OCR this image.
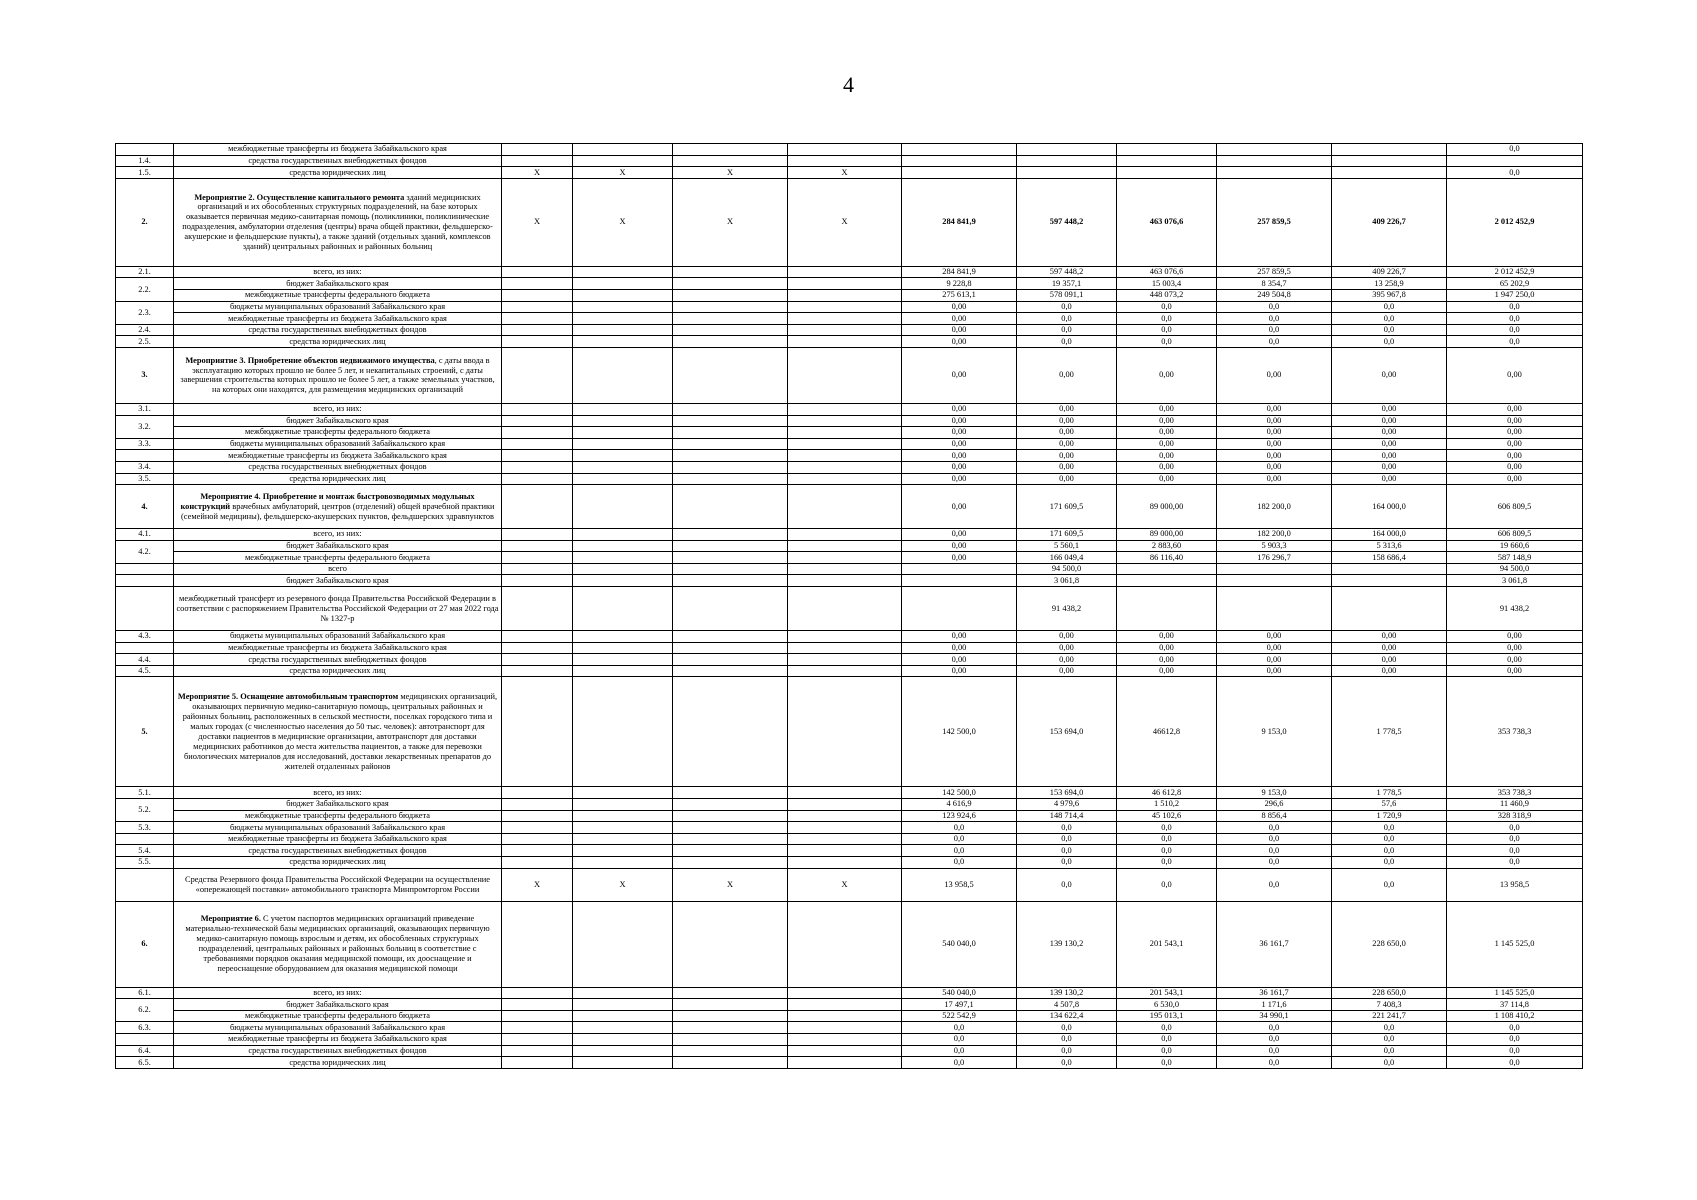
4
	межбюджетные трансферты из бюджета Забайкальского края										0,0
1.4.	средства государственных внебюджетных фондов										
1.5.	средства юридических лиц	Х	Х	Х	Х						0,0
2.	Мероприятие 2. Осуществление капитального ремонта зданий медицинских организаций и их обособленных структурных подразделений, на базе которых оказывается первичная медико-санитарная помощь (поликлиники, поликлинические подразделения, амбулатории отделения (центры) врача общей практики, фельдшерско-акушерские и фельдшерские пункты), а также зданий (отдельных зданий, комплексов зданий) центральных районных и районных больниц	Х	Х	Х	Х	284 841,9	597 448,2	463 076,6	257 859,5	409 226,7	2 012 452,9
2.1.	всего, из них:					284 841,9	597 448,2	463 076,6	257 859,5	409 226,7	2 012 452,9
2.2.	бюджет Забайкальского края					9 228,8	19 357,1	15 003,4	8 354,7	13 258,9	65 202,9
	межбюджетные трансферты федерального бюджета					275 613,1	578 091,1	448 073,2	249 504,8	395 967,8	1 947 250,0
2.3.	бюджеты муниципальных образований Забайкальского края					0,00	0,0	0,0	0,0	0,0	0,0
	межбюджетные трансферты из бюджета Забайкальского края					0,00	0,0	0,0	0,0	0,0	0,0
2.4.	средства государственных внебюджетных фондов					0,00	0,0	0,0	0,0	0,0	0,0
2.5.	средства юридических лиц					0,00	0,0	0,0	0,0	0,0	0,0
3.	Мероприятие 3. Приобретение объектов недвижимого имущества, с даты ввода в эксплуатацию которых прошло не более 5 лет, и некапитальных строений, с даты завершения строительства которых прошло не более 5 лет, а также земельных участков, на которых они находятся, для размещения медицинских организаций					0,00	0,00	0,00	0,00	0,00	0,00
3.1.	всего, из них:					0,00	0,00	0,00	0,00	0,00	0,00
3.2.	бюджет Забайкальского края					0,00	0,00	0,00	0,00	0,00	0,00
	межбюджетные трансферты федерального бюджета					0,00	0,00	0,00	0,00	0,00	0,00
3.3.	бюджеты муниципальных образований Забайкальского края					0,00	0,00	0,00	0,00	0,00	0,00
	межбюджетные трансферты из бюджета Забайкальского края					0,00	0,00	0,00	0,00	0,00	0,00
3.4.	средства государственных внебюджетных фондов					0,00	0,00	0,00	0,00	0,00	0,00
3.5.	средства юридических лиц					0,00	0,00	0,00	0,00	0,00	0,00
4.	Мероприятие 4. Приобретение и монтаж быстровозводимых модульных конструкций врачебных амбулаторий, центров (отделений) общей врачебной практики (семейной медицины), фельдшерско-акушерских пунктов, фельдшерских здравпунктов					0,00	171 609,5	89 000,00	182 200,0	164 000,0	606 809,5
4.1.	всего, из них:					0,00	171 609,5	89 000,00	182 200,0	164 000,0	606 809,5
4.2.	бюджет Забайкальского края					0,00	5 560,1	2 883,60	5 903,3	5 313,6	19 660,6
	межбюджетные трансферты федерального бюджета					0,00	166 049,4	86 116,40	176 296,7	158 686,4	587 148,9
	всего						94 500,0				94 500,0
	бюджет Забайкальского края						3 061,8				3 061,8
	межбюджетный трансферт из резервного фонда Правительства Российской Федерации в соответствии с распоряжением Правительства Российской Федерации от 27 мая 2022 года № 1327-р						91 438,2				91 438,2
4.3.	бюджеты муниципальных образований Забайкальского края					0,00	0,00	0,00	0,00	0,00	0,00
	межбюджетные трансферты из бюджета Забайкальского края					0,00	0,00	0,00	0,00	0,00	0,00
4.4.	средства государственных внебюджетных фондов					0,00	0,00	0,00	0,00	0,00	0,00
4.5.	средства юридических лиц					0,00	0,00	0,00	0,00	0,00	0,00
5.	Мероприятие 5. Оснащение автомобильным транспортом медицинских организаций, оказывающих первичную медико-санитарную помощь, центральных районных и районных больниц, расположенных в сельской местности, поселках городского типа и малых городах (с численностью населения до 50 тыс. человек): автотранспорт для доставки пациентов в медицинские организации, автотранспорт для доставки медицинских работников до места жительства пациентов, а также для перевозки биологических материалов для исследований, доставки лекарственных препаратов до жителей отдаленных районов					142 500,0	153 694,0	46612,8	9 153,0	1 778,5	353 738,3
5.1.	всего, из них:					142 500,0	153 694,0	46 612,8	9 153,0	1 778,5	353 738,3
5.2.	бюджет Забайкальского края					4 616,9	4 979,6	1 510,2	296,6	57,6	11 460,9
	межбюджетные трансферты федерального бюджета					123 924,6	148 714,4	45 102,6	8 856,4	1 720,9	328 318,9
5.3.	бюджеты муниципальных образований Забайкальского края					0,0	0,0	0,0	0,0	0,0	0,0
	межбюджетные трансферты из бюджета Забайкальского края					0,0	0,0	0,0	0,0	0,0	0,0
5.4.	средства государственных внебюджетных фондов					0,0	0,0	0,0	0,0	0,0	0,0
5.5.	средства юридических лиц					0,0	0,0	0,0	0,0	0,0	0,0
	Средства Резервного фонда Правительства Российской Федерации на осуществление «опережающей поставки» автомобильного транспорта Минпромторгом России	Х	Х	Х	Х	13 958,5	0,0	0,0	0,0	0,0	13 958,5
6.	Мероприятие 6. С учетом паспортов медицинских организаций приведение материально-технической базы медицинских организаций, оказывающих первичную медико-санитарную помощь взрослым и детям, их обособленных структурных подразделений, центральных районных и районных больниц в соответствие с требованиями порядков оказания медицинской помощи, их дооснащение и переоснащение оборудованием для оказания медицинской помощи					540 040,0	139 130,2	201 543,1	36 161,7	228 650,0	1 145 525,0
6.1.	всего, из них:					540 040,0	139 130,2	201 543,1	36 161,7	228 650,0	1 145 525,0
6.2.	бюджет Забайкальского края					17 497,1	4 507,8	6 530,0	1 171,6	7 408,3	37 114,8
	межбюджетные трансферты федерального бюджета					522 542,9	134 622,4	195 013,1	34 990,1	221 241,7	1 108 410,2
6.3.	бюджеты муниципальных образований Забайкальского края					0,0	0,0	0,0	0,0	0,0	0,0
	межбюджетные трансферты из бюджета Забайкальского края					0,0	0,0	0,0	0,0	0,0	0,0
6.4.	средства государственных внебюджетных фондов					0,0	0,0	0,0	0,0	0,0	0,0
6.5.	средства юридических лиц					0,0	0,0	0,0	0,0	0,0	0,0
